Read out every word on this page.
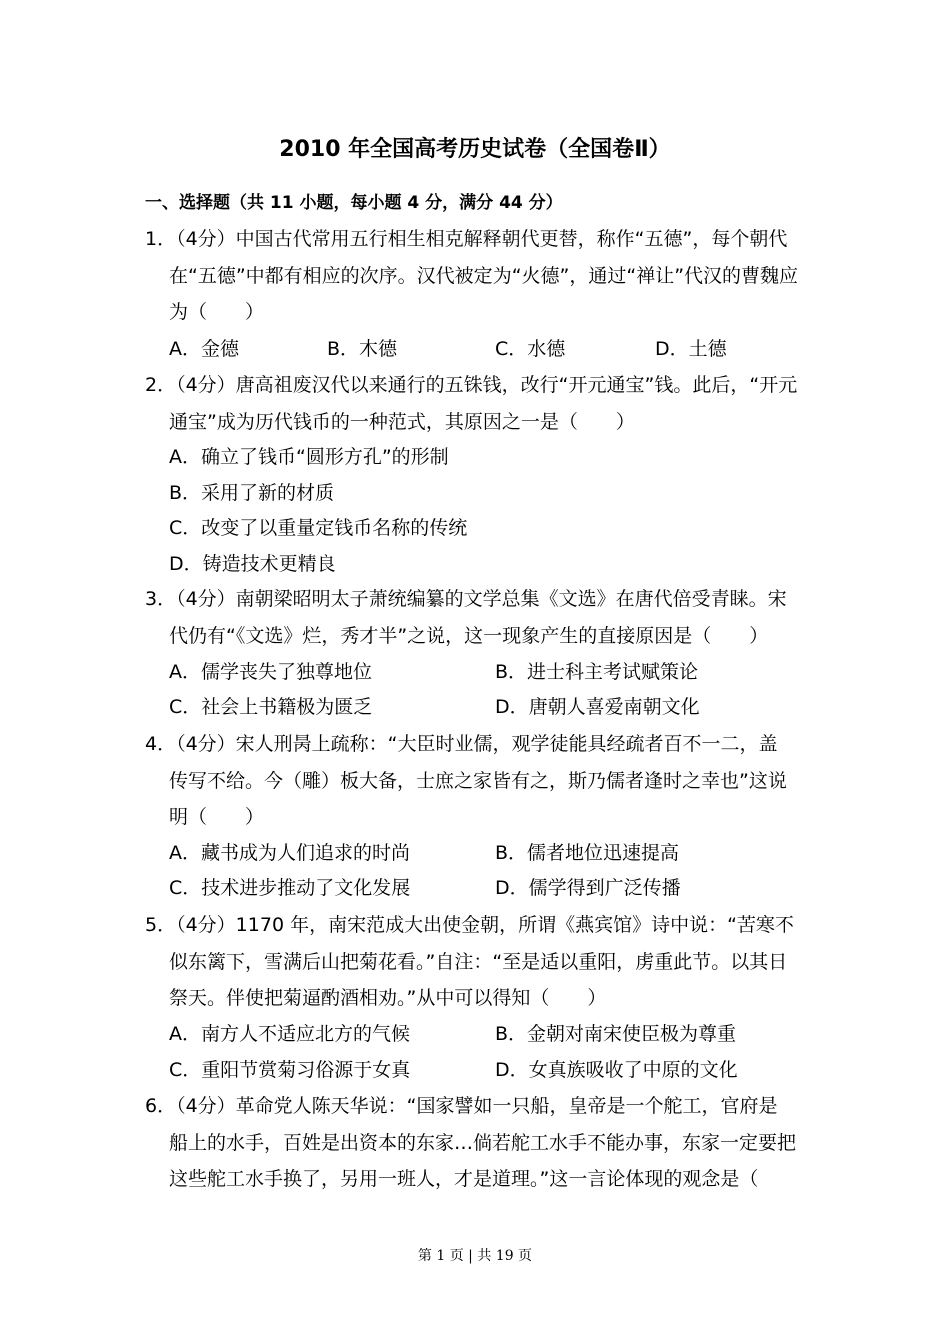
2010 年全国高考历史试卷（全国卷Ⅱ）
一、选择题（共 11 小题，每小题 4 分，满分 44 分）
1．（4分）中国古代常用五行相生相克解释朝代更替，称作“五德”，每个朝代
在“五德”中都有相应的次序。汉代被定为“火德”，通过“禅让”代汉的曹魏应
为（　　）
A．金德	B．木德	C．水德	D．土德
2．（4分）唐高祖废汉代以来通行的五铢钱，改行“开元通宝”钱。此后，“开元
通宝”成为历代钱币的一种范式，其原因之一是（　　）
A．确立了钱币“圆形方孔”的形制
B．采用了新的材质
C．改变了以重量定钱币名称的传统
D．铸造技术更精良
3．（4分）南朝梁昭明太子萧统编纂的文学总集《文选》在唐代倍受青睐。宋
代仍有“《文选》烂，秀才半”之说，这一现象产生的直接原因是（　　）
A．儒学丧失了独尊地位	B．进士科主考试赋策论
C．社会上书籍极为匮乏	D．唐朝人喜爱南朝文化
4．（4分）宋人刑昺上疏称：“大臣时业儒，观学徒能具经疏者百不一二，盖
传写不给。今（雕）板大备，士庶之家皆有之，斯乃儒者逢时之幸也”这说
明（　　）
A．藏书成为人们追求的时尚	B．儒者地位迅速提高
C．技术进步推动了文化发展	D．儒学得到广泛传播
5．（4分）1170 年，南宋范成大出使金朝，所谓《燕宾馆》诗中说：“苦寒不
似东篱下，雪满后山把菊花看。”自注：“至是适以重阳，虏重此节。以其日
祭天。伴使把菊逼酌酒相劝。”从中可以得知（　　）
A．南方人不适应北方的气候	B．金朝对南宋使臣极为尊重
C．重阳节赏菊习俗源于女真	D．女真族吸收了中原的文化
6．（4分）革命党人陈天华说：“国家譬如一只船，皇帝是一个舵工，官府是
船上的水手，百姓是出资本的东家…倘若舵工水手不能办事，东家一定要把
这些舵工水手换了，另用一班人，才是道理。”这一言论体现的观念是（
第 1 页 | 共 19 页
